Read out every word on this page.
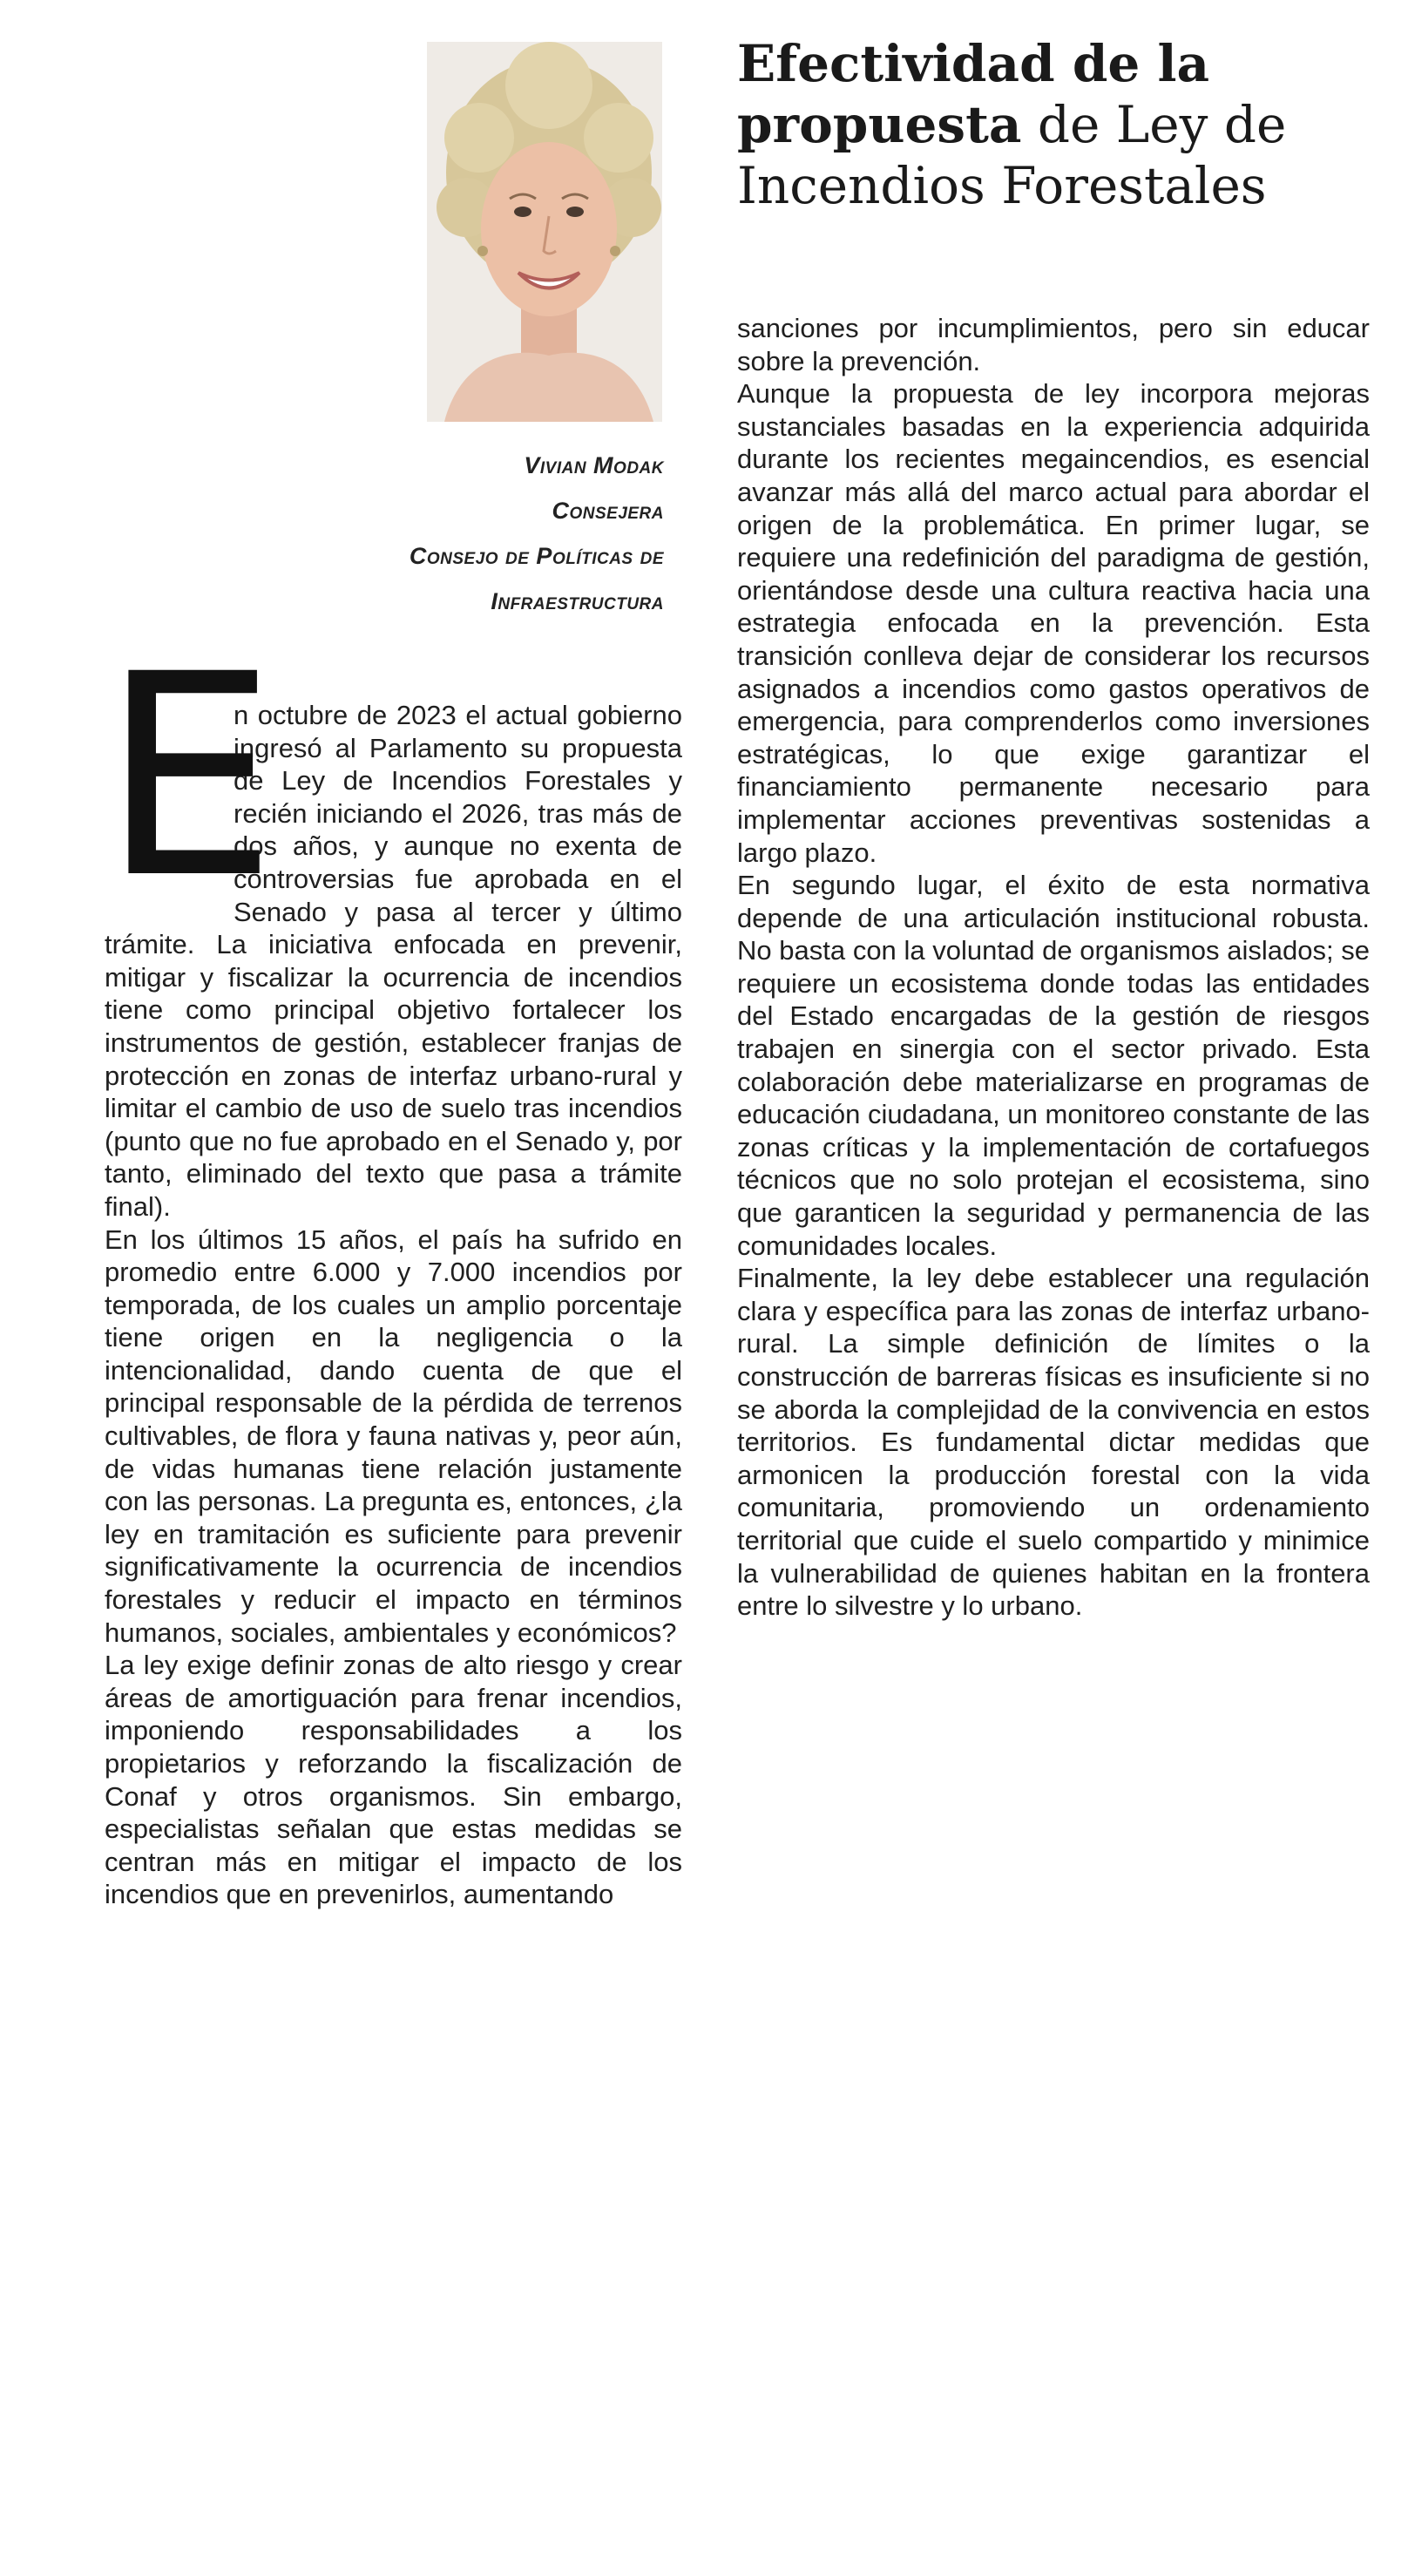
Vivian Modak
Consejera
Consejo de Políticas de
Infraestructura
Efectividad de la propuesta de Ley de Incendios Forestales
E

n octubre de 2023 el actual gobierno ingresó al Parlamento su propuesta de Ley de Incendios Forestales y recién iniciando el 2026, tras más de dos años, y aunque no exenta de controversias fue aprobada en el Senado y pasa al tercer y último trámite. La iniciativa enfocada en prevenir, mitigar y fiscalizar la ocurrencia de incendios tiene como principal objetivo fortalecer los instrumentos de gestión, establecer franjas de protección en zonas de interfaz urbano-rural y limitar el cambio de uso de suelo tras incendios (punto que no fue aprobado en el Senado y, por tanto, eliminado del texto que pasa a trámite final).

En los últimos 15 años, el país ha sufrido en promedio entre 6.000 y 7.000 incendios por temporada, de los cuales un amplio porcentaje tiene origen en la negligencia o la intencionalidad, dando cuenta de que el principal responsable de la pérdida de terrenos cultivables, de flora y fauna nativas y, peor aún, de vidas humanas tiene relación justamente con las personas. La pregunta es, entonces, ¿la ley en tramitación es suficiente para prevenir significativamente la ocurrencia de incendios forestales y reducir el impacto en términos humanos, sociales, ambientales y económicos?

La ley exige definir zonas de alto riesgo y crear áreas de amortiguación para frenar incendios, imponiendo responsabilidades a los propietarios y reforzando la fiscalización de Conaf y otros organismos. Sin embargo, especialistas señalan que estas medidas se centran más en mitigar el impacto de los incendios que en prevenirlos, aumentando

sanciones por incumplimientos, pero sin educar sobre la prevención.

Aunque la propuesta de ley incorpora mejoras sustanciales basadas en la experiencia adquirida durante los recientes megaincendios, es esencial avanzar más allá del marco actual para abordar el origen de la problemática. En primer lugar, se requiere una redefinición del paradigma de gestión, orientándose desde una cultura reactiva hacia una estrategia enfocada en la prevención. Esta transición conlleva dejar de considerar los recursos asignados a incendios como gastos operativos de emergencia, para comprenderlos como inversiones estratégicas, lo que exige garantizar el financiamiento permanente necesario para implementar acciones preventivas sostenidas a largo plazo.

En segundo lugar, el éxito de esta normativa depende de una articulación institucional robusta. No basta con la voluntad de organismos aislados; se requiere un ecosistema donde todas las entidades del Estado encargadas de la gestión de riesgos trabajen en sinergia con el sector privado. Esta colaboración debe materializarse en programas de educación ciudadana, un monitoreo constante de las zonas críticas y la implementación de cortafuegos técnicos que no solo protejan el ecosistema, sino que garanticen la seguridad y permanencia de las comunidades locales.

Finalmente, la ley debe establecer una regulación clara y específica para las zonas de interfaz urbano-rural. La simple definición de límites o la construcción de barreras físicas es insuficiente si no se aborda la complejidad de la convivencia en estos territorios. Es fundamental dictar medidas que armonicen la producción forestal con la vida comunitaria, promoviendo un ordenamiento territorial que cuide el suelo compartido y minimice la vulnerabilidad de quienes habitan en la frontera entre lo silvestre y lo urbano.
